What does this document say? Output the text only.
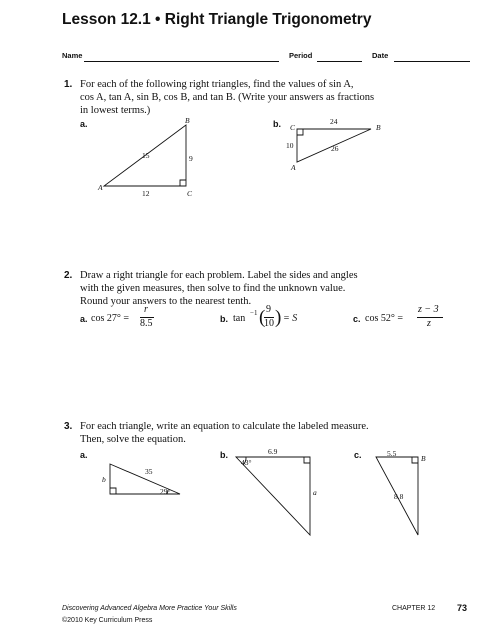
Lesson 12.1 • Right Triangle Trigonometry
Name	Period	Date
1. For each of the following right triangles, find the values of sin A,
cos A, tan A, sin B, cos B, and tan B. (Write your answers as fractions
in lowest terms.)
a.	b.
A
B
C
15	9
12
C	B
A
24
10	26
2. Draw a right triangle for each problem. Label the sides and angles
with the given measures, then solve to find the unknown value.
Round your answers to the nearest tenth.
a. cos 27° =
r
8.5	b. tan −1 ( 9
10 ) = S	c. cos 52° =
z − 3
z
3. For each triangle, write an equation to calculate the labeled measure.
Then, solve the equation.
a.	b.	c.
b
35
29°
6.9
43°
a
5.5
B
8.8
Discovering Advanced Algebra More Practice Your Skills
©2010 Key Curriculum Press
CHAPTER 12 73
